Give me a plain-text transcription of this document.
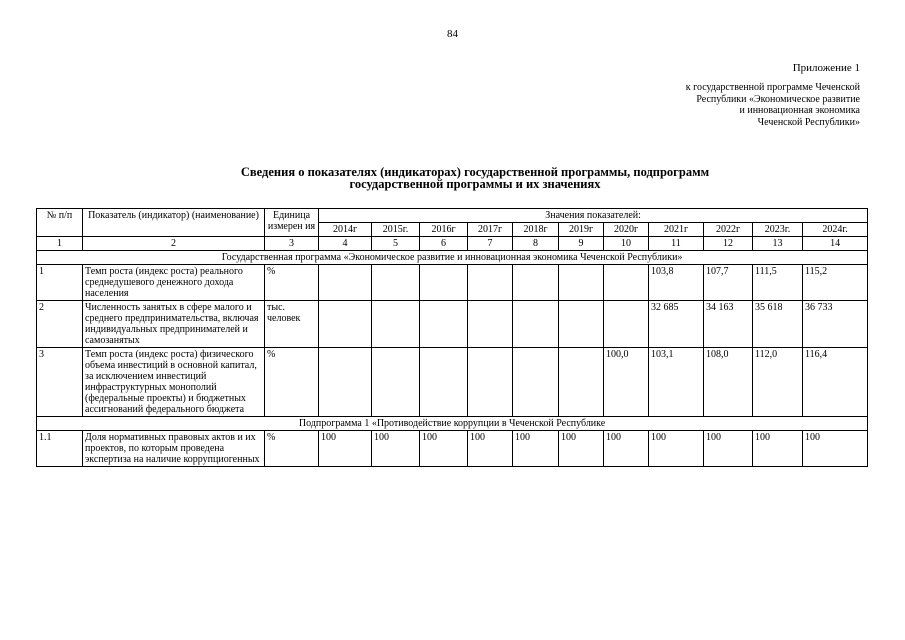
84
Приложение 1
к государственной программе Чеченской
Республики «Экономическое развитие
и инновационная экономика
Чеченской Республики»
Сведения о показателях (индикаторах) государственной программы, подпрограмм
государственной программы и их значениях
№ п/п	Показатель (индикатор) (наименование)	Единица измерен ия	Значения показателей:										
			2014г	2015г.	2016г	2017г	2018г	2019г	2020г	2021г	2022г	2023г.	2024г.
1	2	3	4	5	6	7	8	9	10	11	12	13	14
Государственная программа «Экономическое развитие и инновационная экономика Чеченской Республики»													
1	Темп роста (индекс роста) реального среднедушевого денежного дохода населения	%								103,8	107,7	111,5	115,2
2	Численность занятых в сфере малого и среднего предпринимательства, включая индивидуальных предпринимателей и самозанятых	тыс. человек								32 685	34 163	35 618	36 733
3	Темп роста (индекс роста) физического объема инвестиций в основной капитал, за исключением инвестиций инфраструктурных монополий (федеральные проекты) и бюджетных ассигнований федерального бюджета	%							100,0	103,1	108,0	112,0	116,4
Подпрограмма 1 «Противодействие коррупции в Чеченской Республике													
1.1	Доля нормативных правовых актов и их проектов, по которым проведена экспертиза на наличие коррупциогенных	%	100	100	100	100	100	100	100	100	100	100	100
